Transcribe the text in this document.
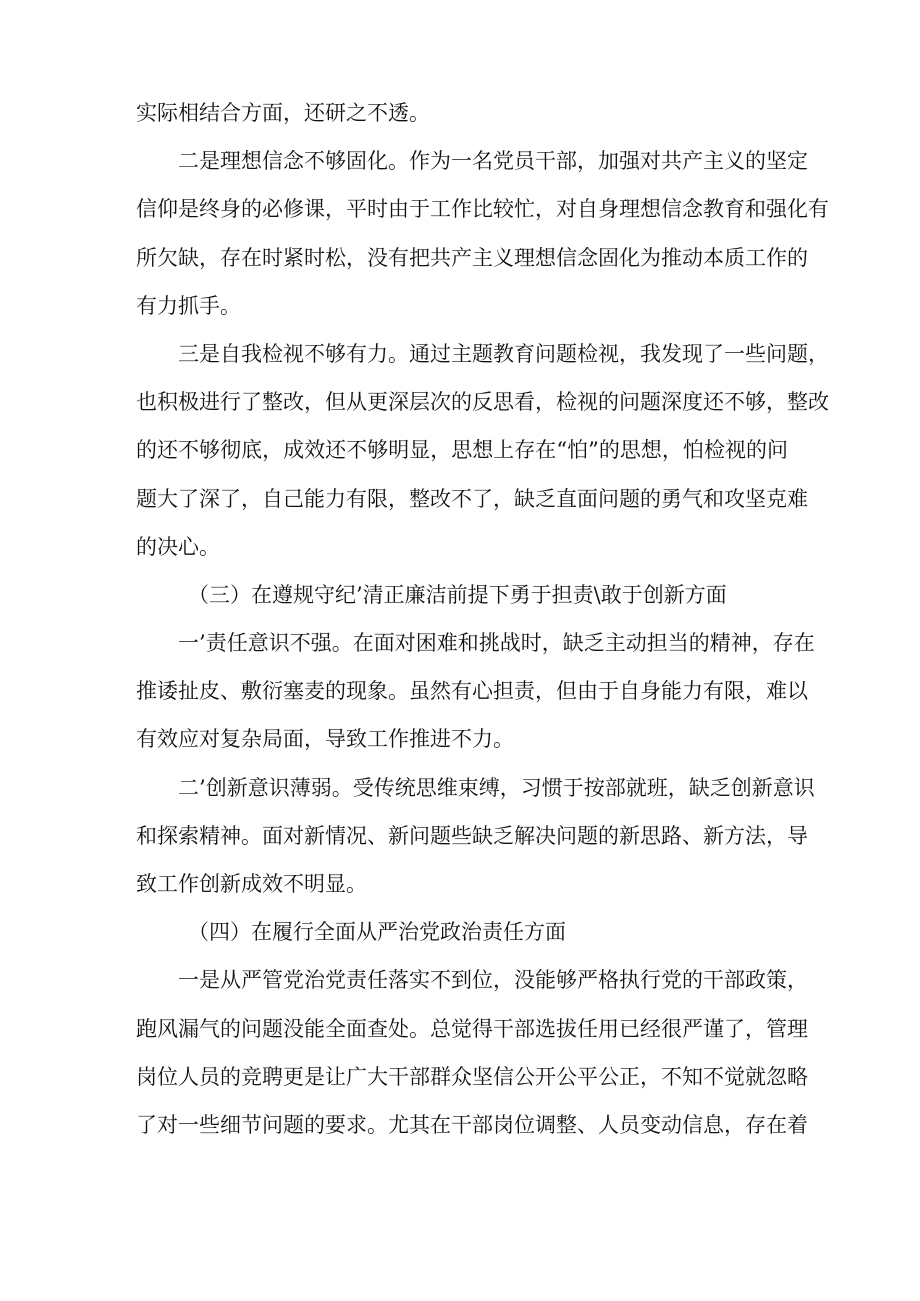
实际相结合方面，还研之不透。
二 是 理 想 信 念 不 够 固 化 。 作 为 一 名 党 员 干 部 ， 加 强 对 共 产 主 义 的 坚 定
信 仰 是 终 身 的 必 修 课 ， 平 时 由 于 工 作 比 较 忙 ， 对 自 身 理 想 信 念 教 育 和 强 化 有
所 欠 缺 ， 存 在 时 紧 时 松 ， 没 有 把 共 产 主 义 理 想 信 念 固 化 为 推 动 本 质 工 作 的
有力抓手。
三 是 自 我 检 视 不 够 有 力 。 通 过 主 题 教 育 问 题 检 视 ， 我 发 现 了 一 些 问 题 ，
也 积 极 进 行 了 整 改 ， 但 从 更 深 层 次 的 反 思 看 ， 检 视 的 问 题 深 度 还 不 够 ， 整 改
的 还 不 够 彻 底 ， 成 效 还 不 够 明 显 ， 思 想 上 存 在 “ 怕 ” 的 思 想 ， 怕 检 视 的 问
题 大 了 深 了 ， 自 己 能 力 有 限 ， 整 改 不 了 ， 缺 乏 直 面 问 题 的 勇 气 和 攻 坚 克 难
的决心。
（三）在遵规守纪’清正廉洁前提下勇于担责\敢于创新方面
一 ’ 责 任 意 识 不 强 。 在 面 对 困 难 和 挑 战 时 ， 缺 乏 主 动 担 当 的 精 神 ， 存 在
推 诿 扯 皮 、 敷 衍 塞 麦 的 现 象 。 虽 然 有 心 担 责 ， 但 由 于 自 身 能 力 有 限 ， 难 以
有效应对复杂局面，导致工作推进不力。
二 ’ 创 新 意 识 薄 弱 。 受 传 统 思 维 束 缚 ， 习 惯 于 按 部 就 班 ， 缺 乏 创 新 意 识
和 探 索 精 神 。 面 对 新 情 况 、 新 问 题 些 缺 乏 解 决 问 题 的 新 思 路 、 新 方 法 ， 导
致工作创新成效不明显。
（四）在履行全面从严治党政治责任方面
一 是 从 严 管 党 治 党 责 任 落 实 不 到 位 ， 没 能 够 严 格 执 行 党 的 干 部 政 策 ，
跑 风 漏 气 的 问 题 没 能 全 面 查 处 。 总 觉 得 干 部 选 拔 任 用 已 经 很 严 谨 了 ， 管 理
岗 位 人 员 的 竞 聘 更 是 让 广 大 干 部 群 众 坚 信 公 开 公 平 公 正 ， 不 知 不 觉 就 忽 略
了 对 一 些 细 节 问 题 的 要 求 。 尤 其 在 干 部 岗 位 调 整 、 人 员 变 动 信 息 ， 存 在 着
